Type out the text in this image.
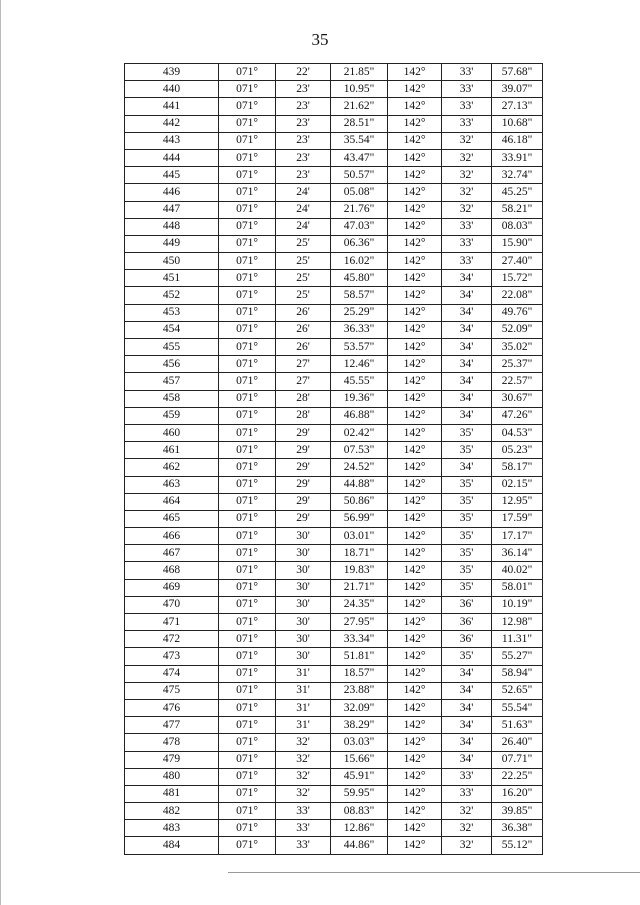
35
439	071°	22'	21.85"	142°	33'	57.68"
440	071°	23'	10.95"	142°	33'	39.07"
441	071°	23'	21.62"	142°	33'	27.13"
442	071°	23'	28.51"	142°	33'	10.68"
443	071°	23'	35.54"	142°	32'	46.18"
444	071°	23'	43.47"	142°	32'	33.91"
445	071°	23'	50.57"	142°	32'	32.74"
446	071°	24'	05.08"	142°	32'	45.25"
447	071°	24'	21.76"	142°	32'	58.21"
448	071°	24'	47.03"	142°	33'	08.03"
449	071°	25'	06.36"	142°	33'	15.90"
450	071°	25'	16.02"	142°	33'	27.40"
451	071°	25'	45.80"	142°	34'	15.72"
452	071°	25'	58.57"	142°	34'	22.08"
453	071°	26'	25.29"	142°	34'	49.76"
454	071°	26'	36.33"	142°	34'	52.09"
455	071°	26'	53.57"	142°	34'	35.02"
456	071°	27'	12.46"	142°	34'	25.37"
457	071°	27'	45.55"	142°	34'	22.57"
458	071°	28'	19.36"	142°	34'	30.67"
459	071°	28'	46.88"	142°	34'	47.26"
460	071°	29'	02.42"	142°	35'	04.53"
461	071°	29'	07.53"	142°	35'	05.23"
462	071°	29'	24.52"	142°	34'	58.17"
463	071°	29'	44.88"	142°	35'	02.15"
464	071°	29'	50.86"	142°	35'	12.95"
465	071°	29'	56.99"	142°	35'	17.59"
466	071°	30'	03.01"	142°	35'	17.17"
467	071°	30'	18.71"	142°	35'	36.14"
468	071°	30'	19.83"	142°	35'	40.02"
469	071°	30'	21.71"	142°	35'	58.01"
470	071°	30'	24.35"	142°	36'	10.19"
471	071°	30'	27.95"	142°	36'	12.98"
472	071°	30'	33.34"	142°	36'	11.31"
473	071°	30'	51.81"	142°	35'	55.27"
474	071°	31'	18.57"	142°	34'	58.94"
475	071°	31'	23.88"	142°	34'	52.65"
476	071°	31'	32.09"	142°	34'	55.54"
477	071°	31'	38.29"	142°	34'	51.63"
478	071°	32'	03.03"	142°	34'	26.40"
479	071°	32'	15.66"	142°	34'	07.71"
480	071°	32'	45.91"	142°	33'	22.25"
481	071°	32'	59.95"	142°	33'	16.20"
482	071°	33'	08.83"	142°	32'	39.85"
483	071°	33'	12.86"	142°	32'	36.38"
484	071°	33'	44.86"	142°	32'	55.12"
